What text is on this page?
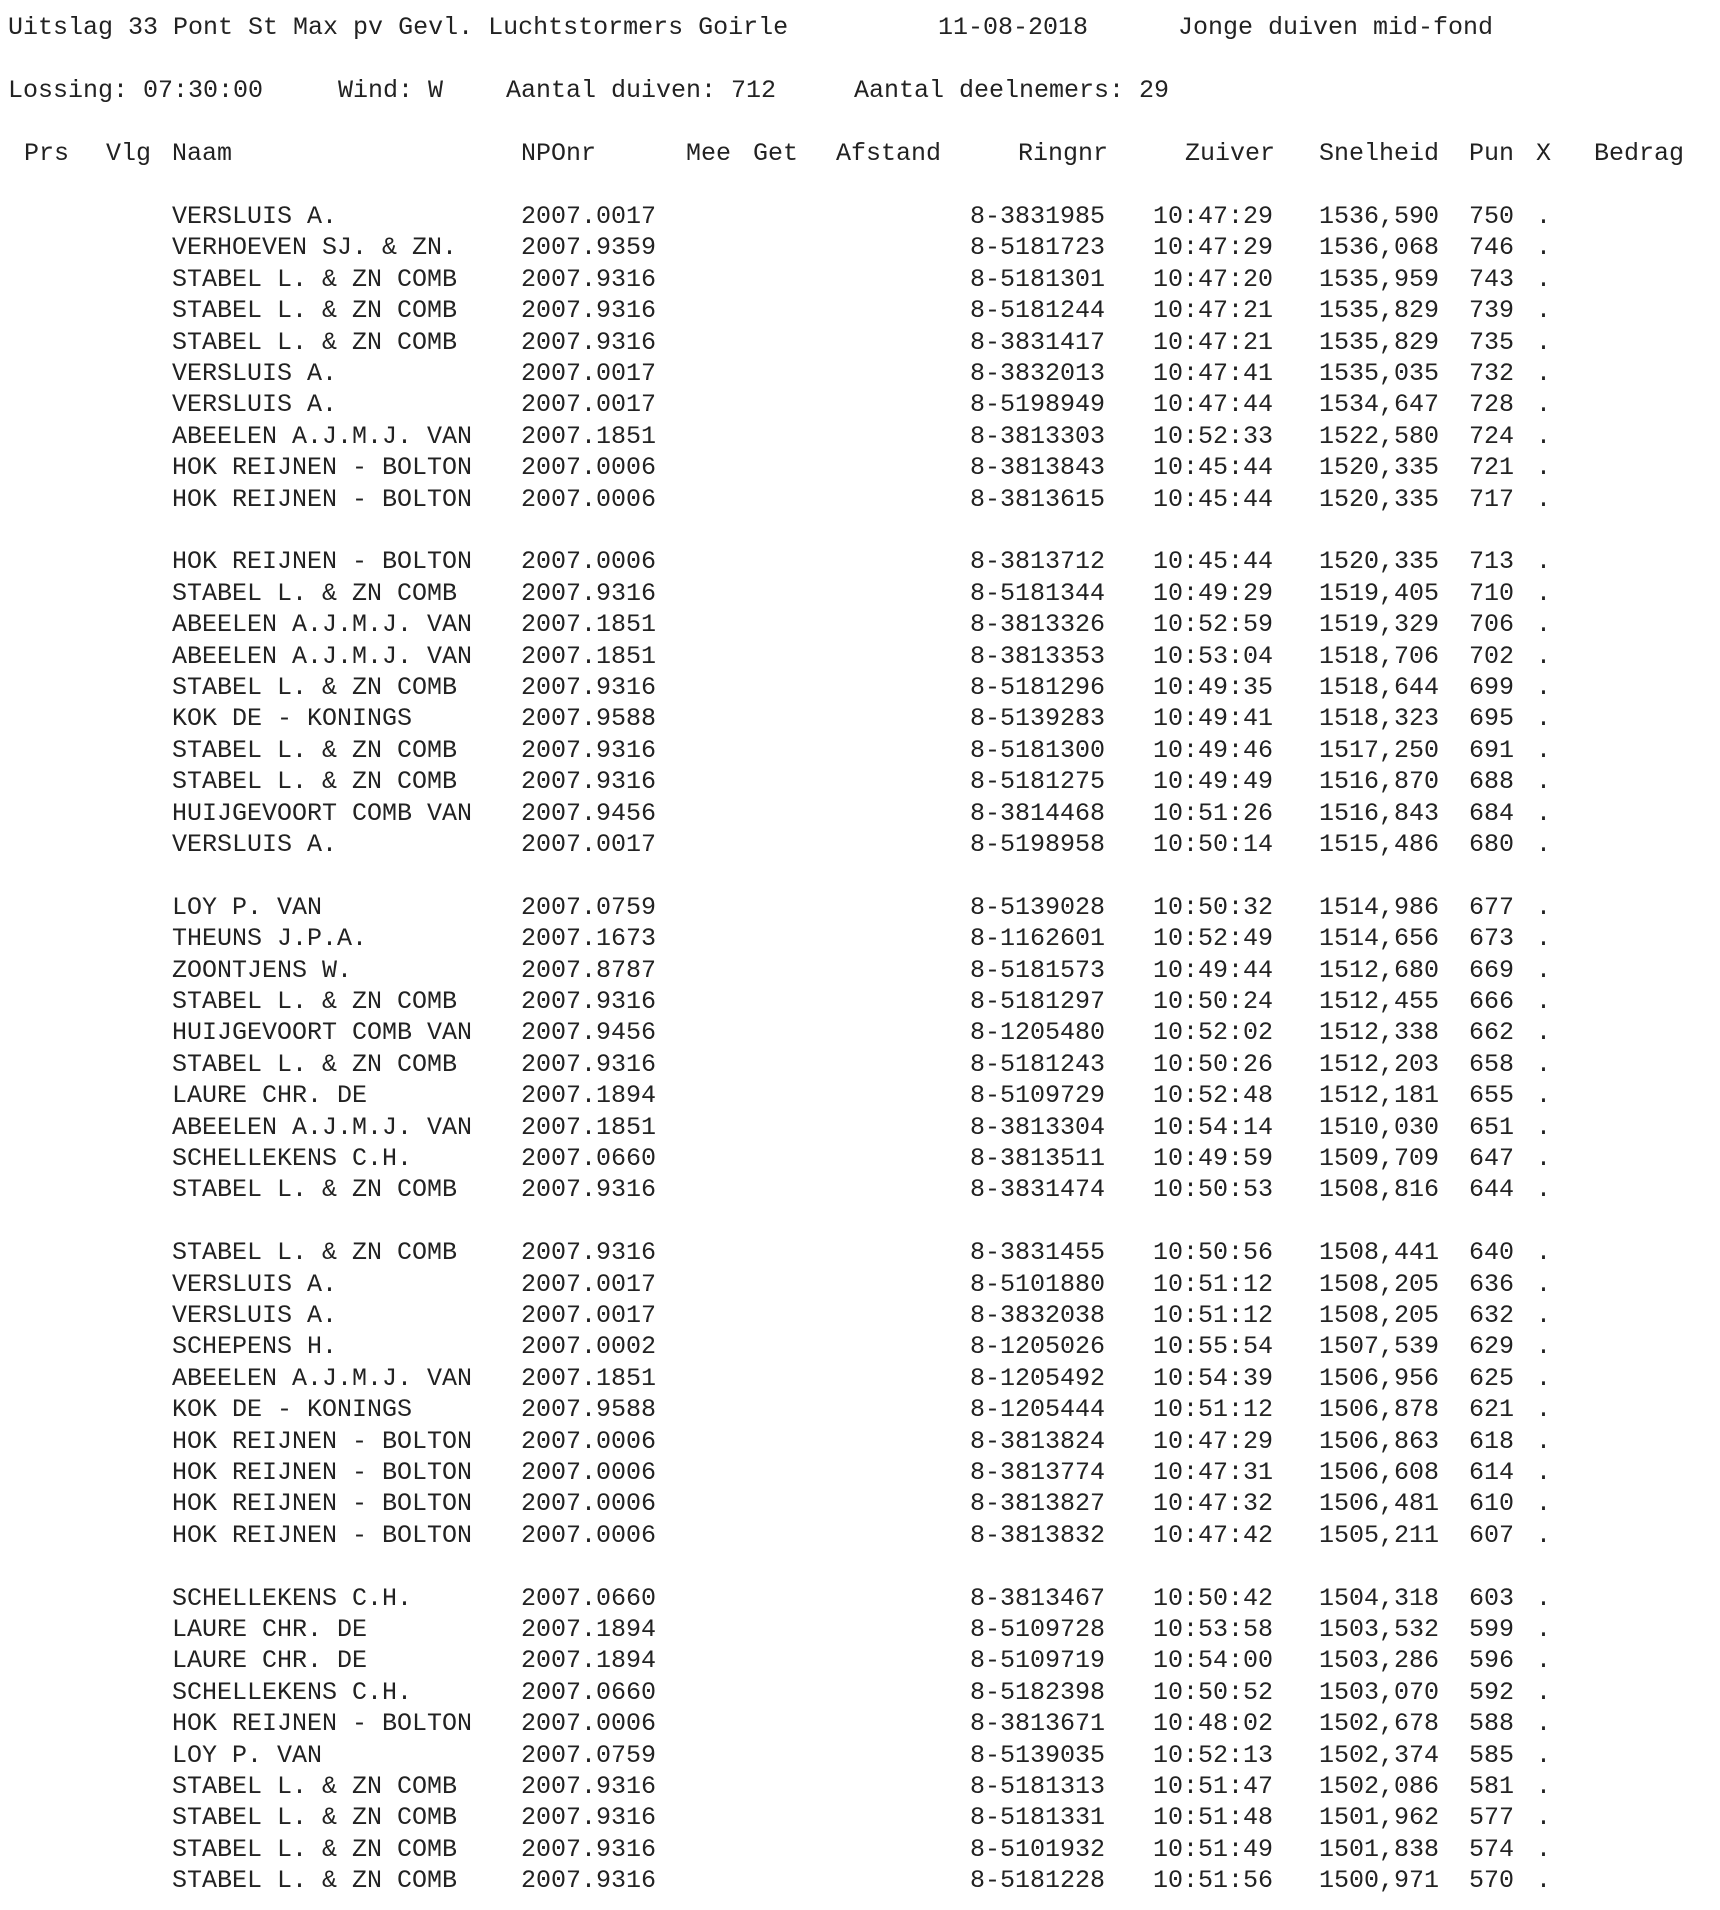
Uitslag 33 Pont St Max pv Gevl. Luchtstormers Goirle

	11-08-2018

	Jonge duiven mid-fond

Lossing: 07:30:00

	Wind: W

	Aantal duiven: 712

	Aantal deelnemers: 29

Prs Vlg Naam	NPOnr	Mee Get Afstand	Ringnr	Zuiver Snelheid Pun X Bedrag
VERSLUIS A.	2007.0017	8-3831985 10:47:29 1536,590 750 .
VERHOEVEN SJ. & ZN.	2007.9359	8-5181723 10:47:29 1536,068 746 .
STABEL L. & ZN COMB	2007.9316	8-5181301 10:47:20 1535,959 743 .
STABEL L. & ZN COMB	2007.9316	8-5181244 10:47:21 1535,829 739 .
STABEL L. & ZN COMB	2007.9316	8-3831417 10:47:21 1535,829 735 .
VERSLUIS A.	2007.0017	8-3832013 10:47:41 1535,035 732 .
VERSLUIS A.	2007.0017	8-5198949 10:47:44 1534,647 728 .
ABEELEN A.J.M.J. VAN 2007.1851	8-3813303 10:52:33 1522,580 724 .
HOK REIJNEN - BOLTON 2007.0006	8-3813843 10:45:44 1520,335 721 .
HOK REIJNEN - BOLTON 2007.0006	8-3813615 10:45:44 1520,335 717 .
HOK REIJNEN - BOLTON 2007.0006	8-3813712 10:45:44 1520,335 713 .
STABEL L. & ZN COMB	2007.9316	8-5181344 10:49:29 1519,405 710 .
ABEELEN A.J.M.J. VAN 2007.1851	8-3813326 10:52:59 1519,329 706 .
ABEELEN A.J.M.J. VAN 2007.1851	8-3813353 10:53:04 1518,706 702 .
STABEL L. & ZN COMB	2007.9316	8-5181296 10:49:35 1518,644 699 .
KOK DE - KONINGS	2007.9588	8-5139283 10:49:41 1518,323 695 .
STABEL L. & ZN COMB	2007.9316	8-5181300 10:49:46 1517,250 691 .
STABEL L. & ZN COMB	2007.9316	8-5181275 10:49:49 1516,870 688 .
HUIJGEVOORT COMB VAN 2007.9456	8-3814468 10:51:26 1516,843 684 .
VERSLUIS A.	2007.0017	8-5198958 10:50:14 1515,486 680 .
LOY P. VAN	2007.0759	8-5139028 10:50:32 1514,986 677 .
THEUNS J.P.A.	2007.1673	8-1162601 10:52:49 1514,656 673 .
ZOONTJENS W.	2007.8787	8-5181573 10:49:44 1512,680 669 .
STABEL L. & ZN COMB	2007.9316	8-5181297 10:50:24 1512,455 666 .
HUIJGEVOORT COMB VAN 2007.9456	8-1205480 10:52:02 1512,338 662 .
STABEL L. & ZN COMB	2007.9316	8-5181243 10:50:26 1512,203 658 .
LAURE CHR. DE	2007.1894	8-5109729 10:52:48 1512,181 655 .
ABEELEN A.J.M.J. VAN 2007.1851	8-3813304 10:54:14 1510,030 651 .
SCHELLEKENS C.H.	2007.0660	8-3813511 10:49:59 1509,709 647 .
STABEL L. & ZN COMB	2007.9316	8-3831474 10:50:53 1508,816 644 .
STABEL L. & ZN COMB	2007.9316	8-3831455 10:50:56 1508,441 640 .
VERSLUIS A.	2007.0017	8-5101880 10:51:12 1508,205 636 .
VERSLUIS A.	2007.0017	8-3832038 10:51:12 1508,205 632 .
SCHEPENS H.	2007.0002	8-1205026 10:55:54 1507,539 629 .
ABEELEN A.J.M.J. VAN 2007.1851	8-1205492 10:54:39 1506,956 625 .
KOK DE - KONINGS	2007.9588	8-1205444 10:51:12 1506,878 621 .
HOK REIJNEN - BOLTON 2007.0006	8-3813824 10:47:29 1506,863 618 .
HOK REIJNEN - BOLTON 2007.0006	8-3813774 10:47:31 1506,608 614 .
HOK REIJNEN - BOLTON 2007.0006	8-3813827 10:47:32 1506,481 610 .
HOK REIJNEN - BOLTON 2007.0006	8-3813832 10:47:42 1505,211 607 .
SCHELLEKENS C.H.	2007.0660	8-3813467 10:50:42 1504,318 603 .
LAURE CHR. DE	2007.1894	8-5109728 10:53:58 1503,532 599 .
LAURE CHR. DE	2007.1894	8-5109719 10:54:00 1503,286 596 .
SCHELLEKENS C.H.	2007.0660	8-5182398 10:50:52 1503,070 592 .
HOK REIJNEN - BOLTON 2007.0006	8-3813671 10:48:02 1502,678 588 .
LOY P. VAN	2007.0759	8-5139035 10:52:13 1502,374 585 .
STABEL L. & ZN COMB	2007.9316	8-5181313 10:51:47 1502,086 581 .
STABEL L. & ZN COMB	2007.9316	8-5181331 10:51:48 1501,962 577 .
STABEL L. & ZN COMB	2007.9316	8-5101932 10:51:49 1501,838 574 .
STABEL L. & ZN COMB	2007.9316	8-5181228 10:51:56 1500,971 570 .
